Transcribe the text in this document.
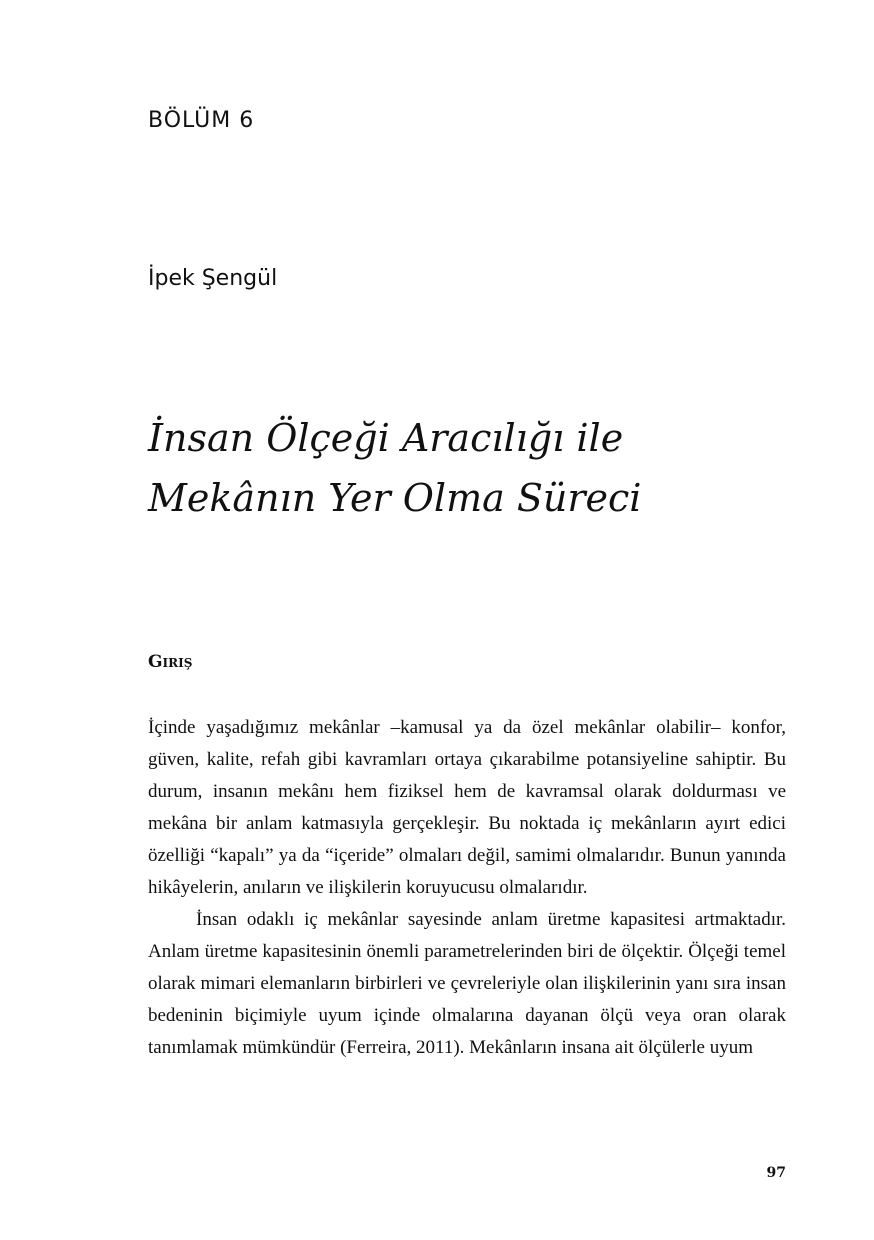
BÖLÜM 6
İpek Şengül
İnsan Ölçeği Aracılığı ile
Mekânın Yer Olma Süreci
Giriş

İçinde yaşadığımız mekânlar –kamusal ya da özel mekânlar olabilir– konfor, güven, kalite, refah gibi kavramları ortaya çıkarabilme potansiyeline sahiptir. Bu durum, insanın mekânı hem fiziksel hem de kavramsal olarak doldurması ve mekâna bir anlam katmasıyla gerçekleşir. Bu noktada iç mekânların ayırt edici özelliği “kapalı” ya da “içeride” olmaları değil, samimi olmalarıdır. Bunun yanında hikâyelerin, anıların ve ilişkilerin koruyucusu olmalarıdır.

İnsan odaklı iç mekânlar sayesinde anlam üretme kapasitesi artmaktadır. Anlam üretme kapasitesinin önemli parametrelerinden biri de ölçektir. Ölçeği temel olarak mimari elemanların birbirleri ve çevreleriyle olan ilişkilerinin yanı sıra insan bedeninin biçimiyle uyum içinde olmalarına dayanan ölçü veya oran olarak tanımlamak mümkündür (Ferreira, 2011). Mekânların insana ait ölçülerle uyum

97
